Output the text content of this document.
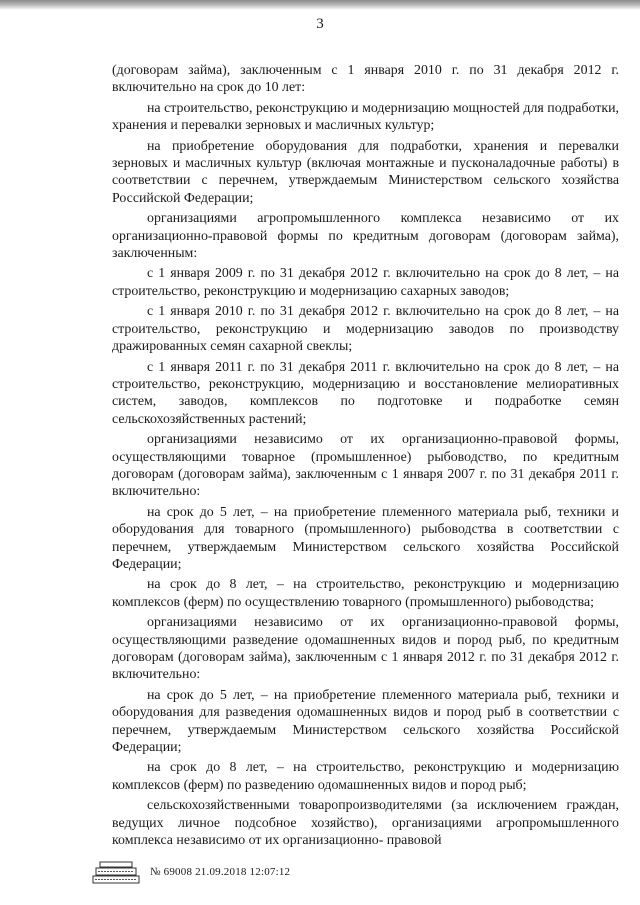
3

(договорам займа), заключенным с 1 января 2010 г. по 31 декабря 2012 г. включительно на срок до 10 лет:

на строительство, реконструкцию и модернизацию мощностей для подработки, хранения и перевалки зерновых и масличных культур;

на приобретение оборудования для подработки, хранения и перевалки зерновых и масличных культур (включая монтажные и пусконаладочные работы) в соответствии с перечнем, утверждаемым Министерством сельского хозяйства Российской Федерации;

организациями агропромышленного комплекса независимо от их организационно-правовой формы по кредитным договорам (договорам займа), заключенным:

с 1 января 2009 г. по 31 декабря 2012 г. включительно на срок до 8 лет, – на строительство, реконструкцию и модернизацию сахарных заводов;

с 1 января 2010 г. по 31 декабря 2012 г. включительно на срок до 8 лет, – на строительство, реконструкцию и модернизацию заводов по производству дражированных семян сахарной свеклы;

с 1 января 2011 г. по 31 декабря 2011 г. включительно на срок до 8 лет, – на строительство, реконструкцию, модернизацию и восстановление мелиоративных систем, заводов, комплексов по подготовке и подработке семян сельскохозяйственных растений;

организациями независимо от их организационно-правовой формы, осуществляющими товарное (промышленное) рыбоводство, по кредитным договорам (договорам займа), заключенным с 1 января 2007 г. по 31 декабря 2011 г. включительно:

на срок до 5 лет, – на приобретение племенного материала рыб, техники и оборудования для товарного (промышленного) рыбоводства в соответствии с перечнем, утверждаемым Министерством сельского хозяйства Российской Федерации;

на срок до 8 лет, – на строительство, реконструкцию и модернизацию комплексов (ферм) по осуществлению товарного (промышленного) рыбоводства;

организациями независимо от их организационно-правовой формы, осуществляющими разведение одомашненных видов и пород рыб, по кредитным договорам (договорам займа), заключенным с 1 января 2012 г. по 31 декабря 2012 г. включительно:

на срок до 5 лет, – на приобретение племенного материала рыб, техники и оборудования для разведения одомашненных видов и пород рыб в соответствии с перечнем, утверждаемым Министерством сельского хозяйства Российской Федерации;

на срок до 8 лет, – на строительство, реконструкцию и модернизацию комплексов (ферм) по разведению одомашненных видов и пород рыб;

сельскохозяйственными товаропроизводителями (за исключением граждан, ведущих личное подсобное хозяйство), организациями агропромышленного комплекса независимо от их организационно- правовой

№ 69008 21.09.2018 12:07:12
